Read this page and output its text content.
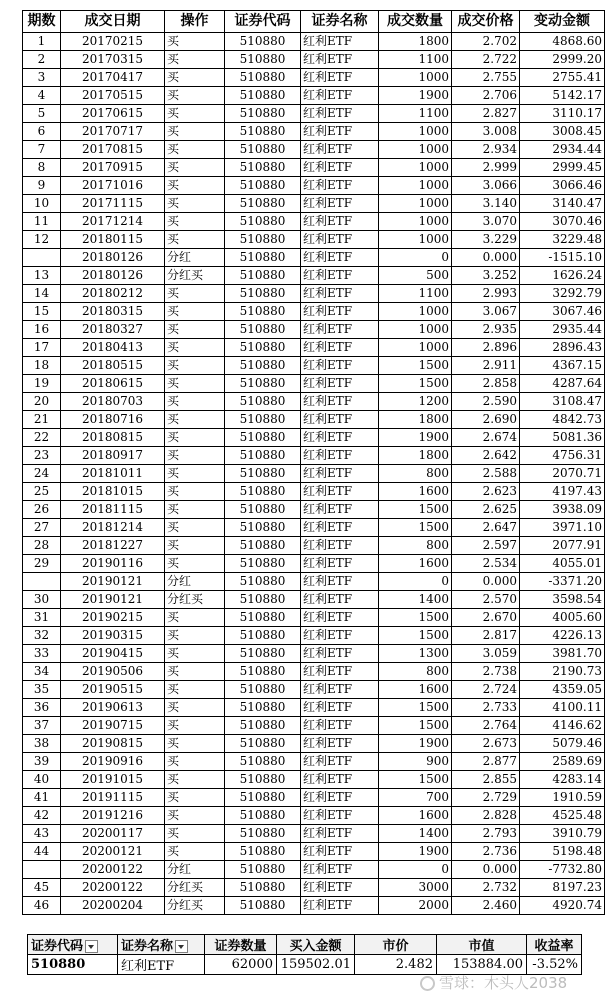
期数	成交日期	操作	证券代码	证券名称	成交数量	成交价格	变动金额
1	20170215	买	510880	红利ETF	1800	2.702	4868.60
2	20170315	买	510880	红利ETF	1100	2.722	2999.20
3	20170417	买	510880	红利ETF	1000	2.755	2755.41
4	20170515	买	510880	红利ETF	1900	2.706	5142.17
5	20170615	买	510880	红利ETF	1100	2.827	3110.17
6	20170717	买	510880	红利ETF	1000	3.008	3008.45
7	20170815	买	510880	红利ETF	1000	2.934	2934.44
8	20170915	买	510880	红利ETF	1000	2.999	2999.45
9	20171016	买	510880	红利ETF	1000	3.066	3066.46
10	20171115	买	510880	红利ETF	1000	3.140	3140.47
11	20171214	买	510880	红利ETF	1000	3.070	3070.46
12	20180115	买	510880	红利ETF	1000	3.229	3229.48
	20180126	分红	510880	红利ETF	0	0.000	-1515.10
13	20180126	分红买	510880	红利ETF	500	3.252	1626.24
14	20180212	买	510880	红利ETF	1100	2.993	3292.79
15	20180315	买	510880	红利ETF	1000	3.067	3067.46
16	20180327	买	510880	红利ETF	1000	2.935	2935.44
17	20180413	买	510880	红利ETF	1000	2.896	2896.43
18	20180515	买	510880	红利ETF	1500	2.911	4367.15
19	20180615	买	510880	红利ETF	1500	2.858	4287.64
20	20180703	买	510880	红利ETF	1200	2.590	3108.47
21	20180716	买	510880	红利ETF	1800	2.690	4842.73
22	20180815	买	510880	红利ETF	1900	2.674	5081.36
23	20180917	买	510880	红利ETF	1800	2.642	4756.31
24	20181011	买	510880	红利ETF	800	2.588	2070.71
25	20181015	买	510880	红利ETF	1600	2.623	4197.43
26	20181115	买	510880	红利ETF	1500	2.625	3938.09
27	20181214	买	510880	红利ETF	1500	2.647	3971.10
28	20181227	买	510880	红利ETF	800	2.597	2077.91
29	20190116	买	510880	红利ETF	1600	2.534	4055.01
	20190121	分红	510880	红利ETF	0	0.000	-3371.20
30	20190121	分红买	510880	红利ETF	1400	2.570	3598.54
31	20190215	买	510880	红利ETF	1500	2.670	4005.60
32	20190315	买	510880	红利ETF	1500	2.817	4226.13
33	20190415	买	510880	红利ETF	1300	3.059	3981.70
34	20190506	买	510880	红利ETF	800	2.738	2190.73
35	20190515	买	510880	红利ETF	1600	2.724	4359.05
36	20190613	买	510880	红利ETF	1500	2.733	4100.11
37	20190715	买	510880	红利ETF	1500	2.764	4146.62
38	20190815	买	510880	红利ETF	1900	2.673	5079.46
39	20190916	买	510880	红利ETF	900	2.877	2589.69
40	20191015	买	510880	红利ETF	1500	2.855	4283.14
41	20191115	买	510880	红利ETF	700	2.729	1910.59
42	20191216	买	510880	红利ETF	1600	2.828	4525.48
43	20200117	买	510880	红利ETF	1400	2.793	3910.79
44	20200121	买	510880	红利ETF	1900	2.736	5198.48
	20200122	分红	510880	红利ETF	0	0.000	-7732.80
45	20200122	分红买	510880	红利ETF	3000	2.732	8197.23
46	20200204	分红买	510880	红利ETF	2000	2.460	4920.74
证券代码	证券名称	证券数量	买入金额	市价	市值	收益率
510880	红利ETF	62000	159502.01	2.482	153884.00	-3.52%
雪球：木头人2038
